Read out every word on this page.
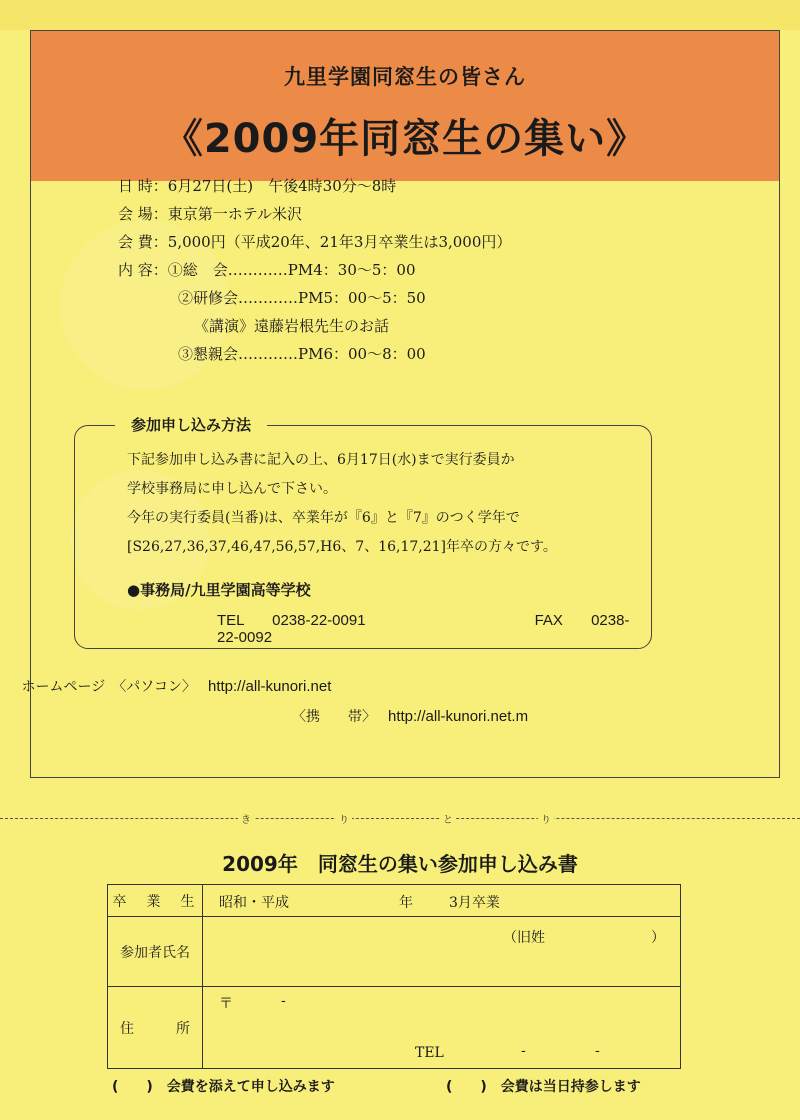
九里学園同窓生の皆さん
《2009年同窓生の集い》
日 時：6月27日(土)　午後4時30分〜8時
会 場：東京第一ホテル米沢
会 費：5,000円（平成20年、21年3月卒業生は3,000円）
内 容：①総　会…………PM4：30〜5：00
②研修会…………PM5：00〜5：50
《講演》遠藤岩根先生のお話
③懇親会…………PM6：00〜8：00
参加申し込み方法
下記参加申し込み書に記入の上、6月17日(水)まで実行委員か
学校事務局に申し込んで下さい。
今年の実行委員(当番)は、卒業年が『6』と『7』のつく学年で
[S26,27,36,37,46,47,56,57,H6、7、16,17,21]年卒の方々です。
●事務局/九里学園高等学校
TEL 0238-22-0091	FAX 0238-22-0092
ホームページ　〈パソコン〉 http://all-kunori.net
〈携　　帯〉 http://all-kunori.net.m
き	り	と	り
2009年　同窓生の集い参加申し込み書
卒　業　生	昭和・平成 年 3月卒業

参加者氏名	（旧姓 ）

住　　　所	〒 -
TEL - -
(　　)　会費を添えて申し込みます	(　　)　会費は当日持参します
